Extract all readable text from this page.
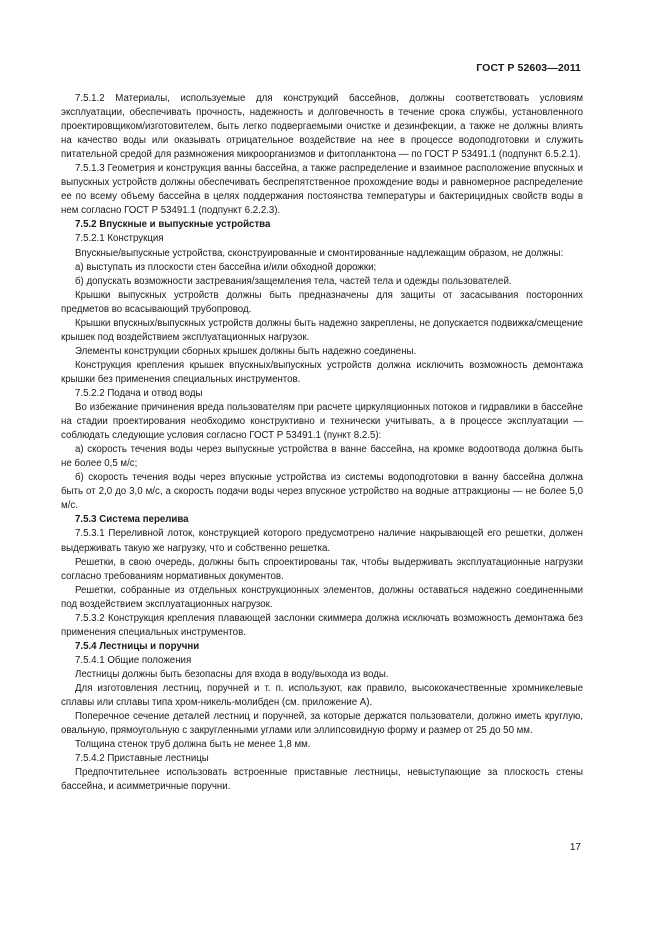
ГОСТ Р 52603—2011

7.5.1.2 Материалы, используемые для конструкций бассейнов, должны соответствовать условиям эксплуатации, обеспечивать прочность, надежность и долговечность в течение срока службы, установленного проектировщиком/изготовителем, быть легко подвергаемыми очистке и дезинфекции, а также не должны влиять на качество воды или оказывать отрицательное воздействие на нее в процессе водоподготовки и служить питательной средой для размножения микроорганизмов и фитопланктона — по ГОСТ Р 53491.1 (подпункт 6.5.2.1).

7.5.1.3 Геометрия и конструкция ванны бассейна, а также распределение и взаимное расположение впускных и выпускных устройств должны обеспечивать беспрепятственное прохождение воды и равномерное распределение ее по всему объему бассейна в целях поддержания постоянства температуры и бактерицидных свойств воды в нем согласно ГОСТ Р 53491.1 (подпункт 6.2.2.3).

7.5.2 Впускные и выпускные устройства

7.5.2.1 Конструкция

Впускные/выпускные устройства, сконструированные и смонтированные надлежащим образом, не должны:

а) выступать из плоскости стен бассейна и/или обходной дорожки;

б) допускать возможности застревания/защемления тела, частей тела и одежды пользователей.

Крышки выпускных устройств должны быть предназначены для защиты от засасывания посторонних предметов во всасывающий трубопровод.

Крышки впускных/выпускных устройств должны быть надежно закреплены, не допускается подвижка/смещение крышек под воздействием эксплуатационных нагрузок.

Элементы конструкции сборных крышек должны быть надежно соединены.

Конструкция крепления крышек впускных/выпускных устройств должна исключить возможность демонтажа крышки без применения специальных инструментов.

7.5.2.2 Подача и отвод воды

Во избежание причинения вреда пользователям при расчете циркуляционных потоков и гидравлики в бассейне на стадии проектирования необходимо конструктивно и технически учитывать, а в процессе эксплуатации — соблюдать следующие условия согласно ГОСТ Р 53491.1 (пункт 8.2.5):

а) скорость течения воды через выпускные устройства в ванне бассейна, на кромке водоотвода должна быть не более 0,5 м/с;

б) скорость течения воды через впускные устройства из системы водоподготовки в ванну бассейна должна быть от 2,0 до 3,0 м/с, а скорость подачи воды через впускное устройство на водные аттракционы — не более 5,0 м/с.

7.5.3 Система перелива

7.5.3.1 Переливной лоток, конструкцией которого предусмотрено наличие накрывающей его решетки, должен выдерживать такую же нагрузку, что и собственно решетка.

Решетки, в свою очередь, должны быть спроектированы так, чтобы выдерживать эксплуатационные нагрузки согласно требованиям нормативных документов.

Решетки, собранные из отдельных конструкционных элементов, должны оставаться надежно соединенными под воздействием эксплуатационных нагрузок.

7.5.3.2 Конструкция крепления плавающей заслонки скиммера должна исключать возможность демонтажа без применения специальных инструментов.

7.5.4 Лестницы и поручни

7.5.4.1 Общие положения

Лестницы должны быть безопасны для входа в воду/выхода из воды.

Для изготовления лестниц, поручней и т. п. используют, как правило, высококачественные хромникелевые сплавы или сплавы типа хром-никель-молибден (см. приложение А).

Поперечное сечение деталей лестниц и поручней, за которые держатся пользователи, должно иметь круглую, овальную, прямоугольную с закругленными углами или эллипсовидную форму и размер от 25 до 50 мм.

Толщина стенок труб должна быть не менее 1,8 мм.

7.5.4.2 Приставные лестницы

Предпочтительнее использовать встроенные приставные лестницы, невыступающие за плоскость стены бассейна, и асимметричные поручни.

17
